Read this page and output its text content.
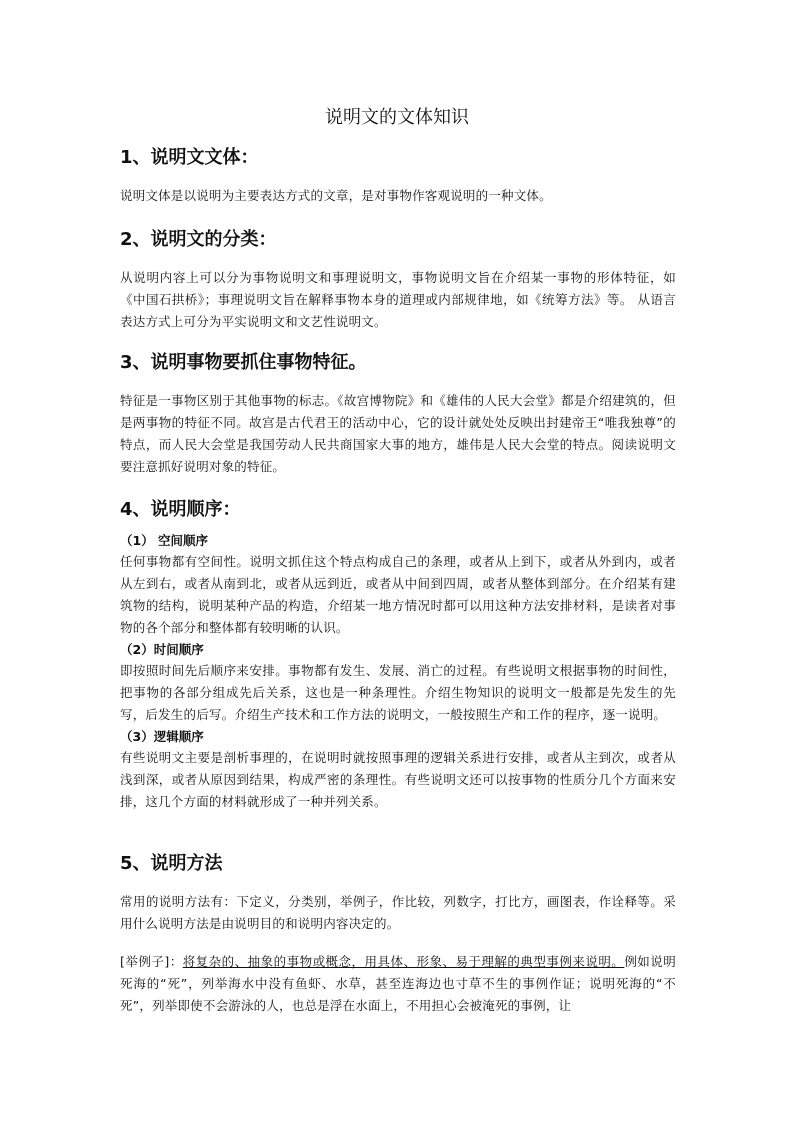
说明文的文体知识
1、说明文文体：

说明文体是以说明为主要表达方式的文章，是对事物作客观说明的一种文体。

2、说明文的分类：

从说明内容上可以分为事物说明文和事理说明文，事物说明文旨在介绍某一事物的形体特征，如《中国石拱桥》；事理说明文旨在解释事物本身的道理或内部规律地，如《统筹方法》等。 从语言表达方式上可分为平实说明文和文艺性说明文。

3、说明事物要抓住事物特征。

特征是一事物区别于其他事物的标志。《故宫博物院》和《雄伟的人民大会堂》都是介绍建筑的，但是两事物的特征不同。故宫是古代君王的活动中心，它的设计就处处反映出封建帝王“唯我独尊”的特点，而人民大会堂是我国劳动人民共商国家大事的地方，雄伟是人民大会堂的特点。阅读说明文要注意抓好说明对象的特征。

4、说明顺序：

（1） 空间顺序

任何事物都有空间性。说明文抓住这个特点构成自己的条理，或者从上到下，或者从外到内，或者从左到右，或者从南到北，或者从远到近，或者从中间到四周，或者从整体到部分。在介绍某有建筑物的结构，说明某种产品的构造，介绍某一地方情况时都可以用这种方法安排材料，是读者对事物的各个部分和整体都有较明晰的认识。

（2）时间顺序

即按照时间先后顺序来安排。事物都有发生、发展、消亡的过程。有些说明文根据事物的时间性，把事物的各部分组成先后关系，这也是一种条理性。介绍生物知识的说明文一般都是先发生的先写，后发生的后写。介绍生产技术和工作方法的说明文，一般按照生产和工作的程序，逐一说明。

（3）逻辑顺序

有些说明文主要是剖析事理的，在说明时就按照事理的逻辑关系进行安排，或者从主到次，或者从浅到深，或者从原因到结果，构成严密的条理性。有些说明文还可以按事物的性质分几个方面来安排，这几个方面的材料就形成了一种并列关系。

5、说明方法

常用的说明方法有：下定义，分类别，举例子，作比较，列数字，打比方，画图表，作诠释等。采用什么说明方法是由说明目的和说明内容决定的。

[举例子]：将复杂的、抽象的事物或概念，用具体、形象、易于理解的典型事例来说明。例如说明死海的“死”，列举海水中没有鱼虾、水草，甚至连海边也寸草不生的事例作证；说明死海的“不死”，列举即使不会游泳的人，也总是浮在水面上，不用担心会被淹死的事例，让
